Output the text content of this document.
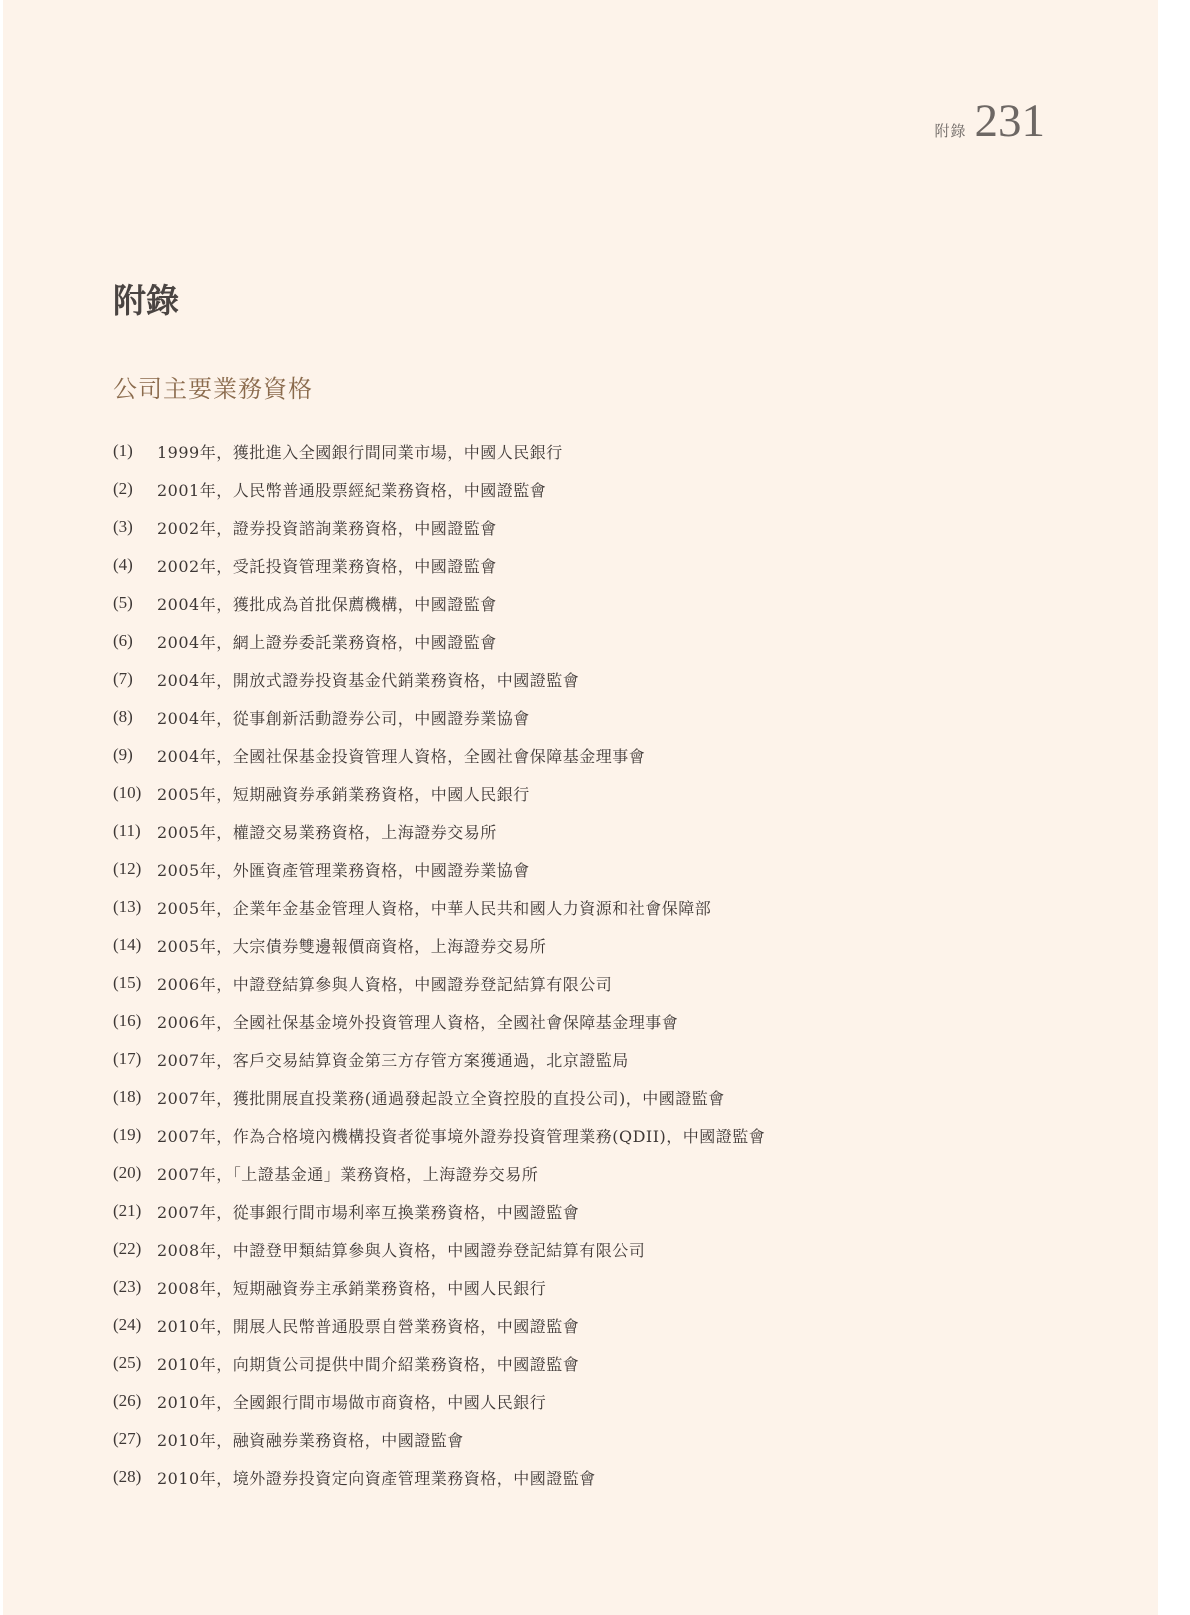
附錄 231
附錄
公司主要業務資格
(1)	1999年，獲批進入全國銀行間同業市場，中國人民銀行
(2)	2001年，人民幣普通股票經紀業務資格，中國證監會
(3)	2002年，證券投資諮詢業務資格，中國證監會
(4)	2002年，受託投資管理業務資格，中國證監會
(5)	2004年，獲批成為首批保薦機構，中國證監會
(6)	2004年，網上證券委託業務資格，中國證監會
(7)	2004年，開放式證券投資基金代銷業務資格，中國證監會
(8)	2004年，從事創新活動證券公司，中國證券業協會
(9)	2004年，全國社保基金投資管理人資格，全國社會保障基金理事會
(10) 2005年，短期融資券承銷業務資格，中國人民銀行
(11)	2005年，權證交易業務資格，上海證券交易所
(12) 2005年，外匯資產管理業務資格，中國證券業協會
(13) 2005年，企業年金基金管理人資格，中華人民共和國人力資源和社會保障部
(14) 2005年，大宗債券雙邊報價商資格，上海證券交易所
(15) 2006年，中證登結算參與人資格，中國證券登記結算有限公司
(16) 2006年，全國社保基金境外投資管理人資格，全國社會保障基金理事會
(17) 2007年，客戶交易結算資金第三方存管方案獲通過，北京證監局
(18) 2007年，獲批開展直投業務(通過發起設立全資控股的直投公司)，中國證監會
(19) 2007年，作為合格境內機構投資者從事境外證券投資管理業務(QDII)，中國證監會
(20) 2007年，「上證基金通」業務資格，上海證券交易所
(21) 2007年，從事銀行間市場利率互換業務資格，中國證監會
(22) 2008年，中證登甲類結算參與人資格，中國證券登記結算有限公司
(23) 2008年，短期融資券主承銷業務資格，中國人民銀行
(24) 2010年，開展人民幣普通股票自營業務資格，中國證監會
(25) 2010年，向期貨公司提供中間介紹業務資格，中國證監會
(26) 2010年，全國銀行間市場做市商資格，中國人民銀行
(27) 2010年，融資融券業務資格，中國證監會
(28) 2010年，境外證券投資定向資產管理業務資格，中國證監會
